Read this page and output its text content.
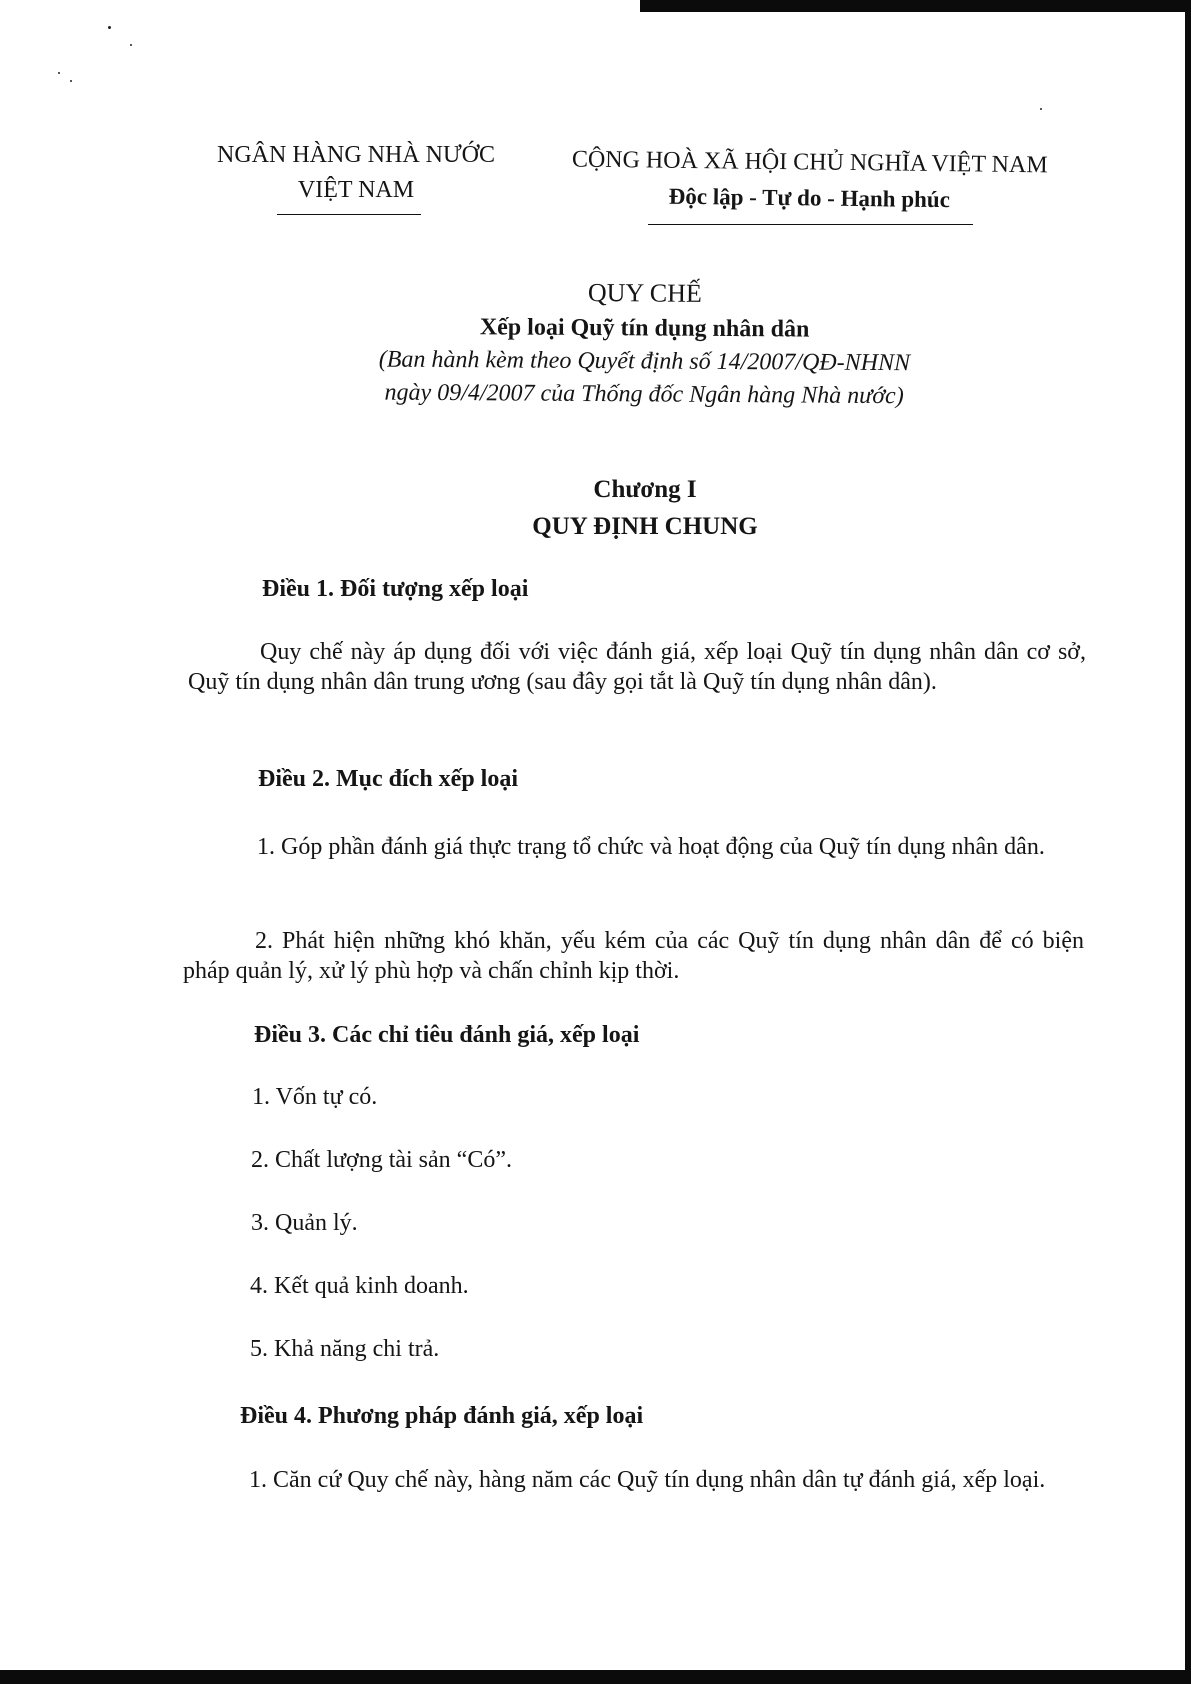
NGÂN HÀNG NHÀ NƯỚC
VIỆT NAM
CỘNG HOÀ XÃ HỘI CHỦ NGHĨA VIỆT NAM
Độc lập - Tự do - Hạnh phúc
QUY CHẾ
Xếp loại Quỹ tín dụng nhân dân
(Ban hành kèm theo Quyết định số 14/2007/QĐ-NHNN
ngày 09/4/2007 của Thống đốc Ngân hàng Nhà nước)
Chương I
QUY ĐỊNH CHUNG
Điều 1. Đối tượng xếp loại
Quy chế này áp dụng đối với việc đánh giá, xếp loại Quỹ tín dụng nhân dân cơ sở, Quỹ tín dụng nhân dân trung ương (sau đây gọi tắt là Quỹ tín dụng nhân dân).
Điều 2. Mục đích xếp loại
1. Góp phần đánh giá thực trạng tổ chức và hoạt động của Quỹ tín dụng nhân dân.
2. Phát hiện những khó khăn, yếu kém của các Quỹ tín dụng nhân dân để có biện pháp quản lý, xử lý phù hợp và chấn chỉnh kịp thời.
Điều 3. Các chỉ tiêu đánh giá, xếp loại
1. Vốn tự có.
2. Chất lượng tài sản “Có”.
3. Quản lý.
4. Kết quả kinh doanh.
5. Khả năng chi trả.
Điều 4. Phương pháp đánh giá, xếp loại
1. Căn cứ Quy chế này, hàng năm các Quỹ tín dụng nhân dân tự đánh giá, xếp loại.
